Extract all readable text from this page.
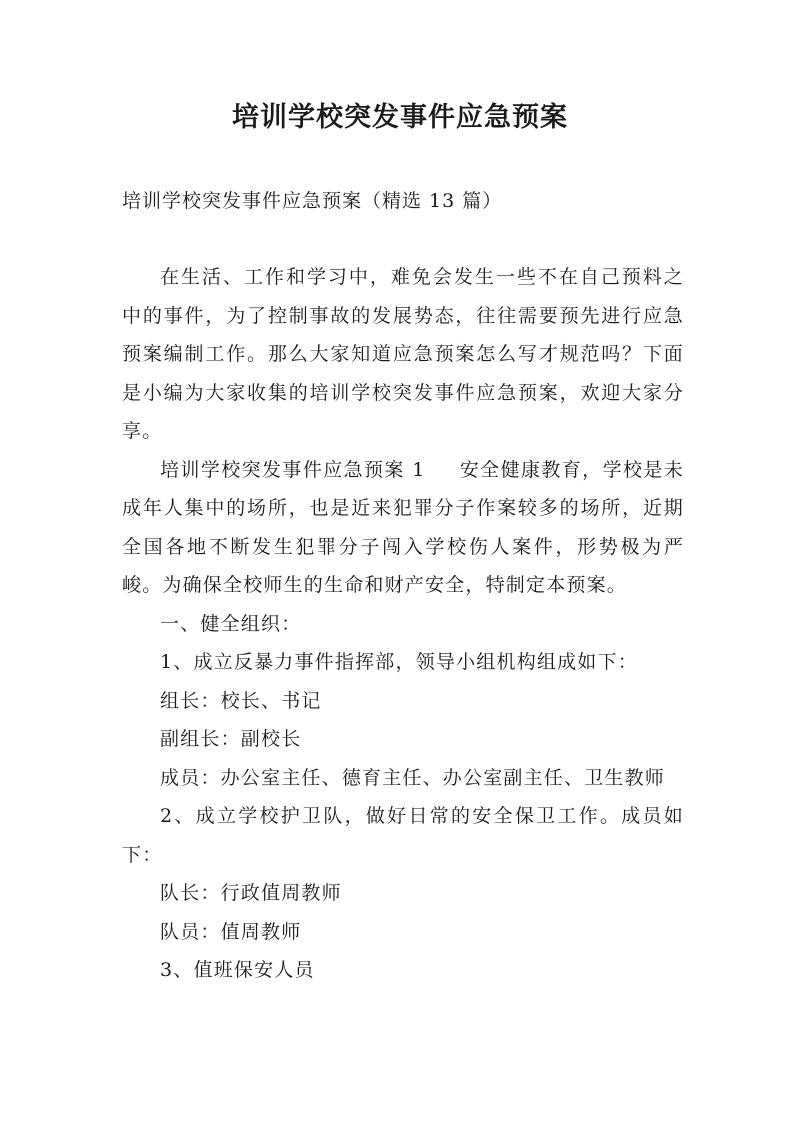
培训学校突发事件应急预案
培训学校突发事件应急预案（精选 13 篇）

在生活、工作和学习中，难免会发生一些不在自己预料之中的事件，为了控制事故的发展势态，往往需要预先进行应急预案编制工作。那么大家知道应急预案怎么写才规范吗？下面是小编为大家收集的培训学校突发事件应急预案，欢迎大家分享。

培训学校突发事件应急预案 1 安全健康教育，学校是未成年人集中的场所，也是近来犯罪分子作案较多的场所，近期全国各地不断发生犯罪分子闯入学校伤人案件，形势极为严峻。为确保全校师生的生命和财产安全，特制定本预案。

一、健全组织：

1、成立反暴力事件指挥部，领导小组机构组成如下：

组长：校长、书记

副组长：副校长

成员：办公室主任、德育主任、办公室副主任、卫生教师

2、成立学校护卫队，做好日常的安全保卫工作。成员如下：

队长：行政值周教师

队员：值周教师

3、值班保安人员
